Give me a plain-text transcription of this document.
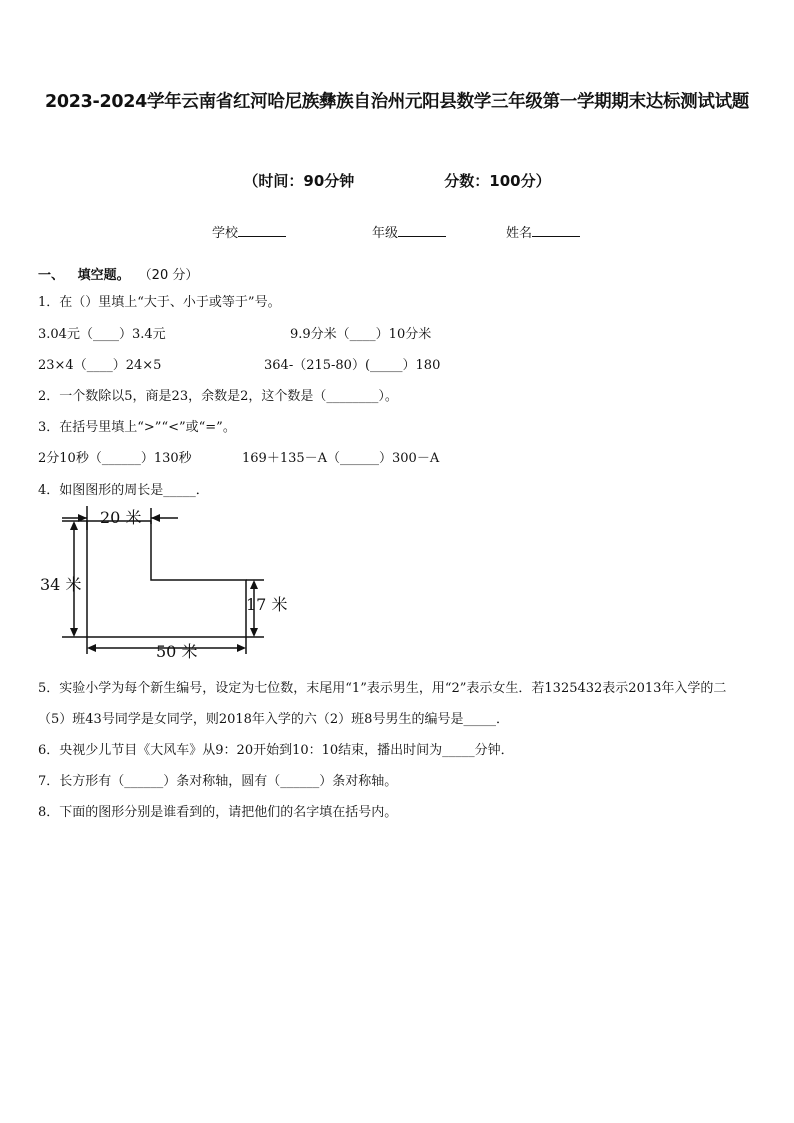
2023-2024学年云南省红河哈尼族彝族自治州元阳县数学三年级第一学期期末达标测试试题
（时间：90分钟	分数：100分）
学校	年级	姓名
一、 填空题。 （20 分）
1．在（）里填上“大于、小于或等于”号。
3.04元（____）3.4元	9.9分米（____）10分米
23×4（____）24×5	364-（215-80）(_____）180
2．一个数除以5，商是23，余数是2，这个数是（________）。
3．在括号里填上“>”“<”或“=”。
2分10秒（______）130秒	169＋135－A（______）300－A
4．如图图形的周长是_____．
20 米
34 米
17 米
50 米
5．实验小学为每个新生编号，设定为七位数，末尾用“1”表示男生，用“2”表示女生．若1325432表示2013年入学的二
（5）班43号同学是女同学，则2018年入学的六（2）班8号男生的编号是_____．
6．央视少儿节目《大风车》从9：20开始到10：10结束，播出时间为_____分钟．
7．长方形有（______）条对称轴，圆有（______）条对称轴。
8．下面的图形分别是谁看到的，请把他们的名字填在括号内。
